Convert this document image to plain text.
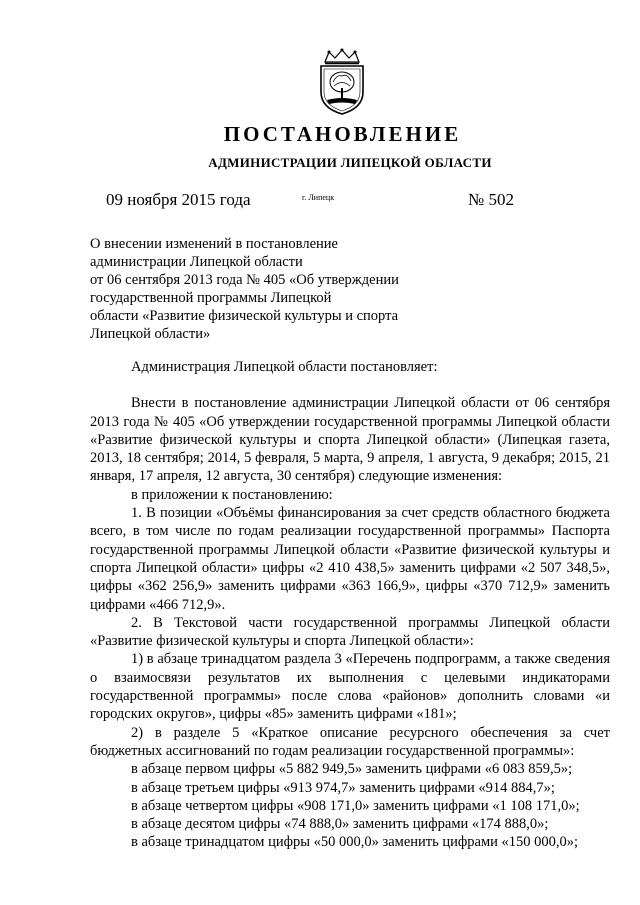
ПОСТАНОВЛЕНИЕ
АДМИНИСТРАЦИИ ЛИПЕЦКОЙ ОБЛАСТИ
09 ноября 2015 года	г. Липецк	№ 502
О внесении изменений в постановление
администрации Липецкой области
от 06 сентября 2013 года № 405 «Об утверждении
государственной программы Липецкой
области «Развитие физической культуры и спорта
Липецкой области»

Администрация Липецкой области постановляет:

Внести в постановление администрации Липецкой области от 06 сентября 2013 года № 405 «Об утверждении государственной программы Липецкой области «Развитие физической культуры и спорта Липецкой области» (Липецкая газета, 2013, 18 сентября; 2014, 5 февраля, 5 марта, 9 апреля, 1 августа, 9 декабря; 2015, 21 января, 17 апреля, 12 августа, 30 сентября) следующие изменения:

в приложении к постановлению:

1. В позиции «Объёмы финансирования за счет средств областного бюджета всего, в том числе по годам реализации государственной программы» Паспорта государственной программы Липецкой области «Развитие физической культуры и спорта Липецкой области» цифры «2 410 438,5» заменить цифрами «2 507 348,5», цифры «362 256,9» заменить цифрами «363 166,9», цифры «370 712,9» заменить цифрами «466 712,9».

2. В Текстовой части государственной программы Липецкой области «Развитие физической культуры и спорта Липецкой области»:

1) в абзаце тринадцатом раздела 3 «Перечень подпрограмм, а также сведения о взаимосвязи результатов их выполнения с целевыми индикаторами государственной программы» после слова «районов» дополнить словами «и городских округов», цифры «85» заменить цифрами «181»;

2) в разделе 5 «Краткое описание ресурсного обеспечения за счет бюджетных ассигнований по годам реализации государственной программы»:

в абзаце первом цифры «5 882 949,5» заменить цифрами «6 083 859,5»;

в абзаце третьем цифры «913 974,7» заменить цифрами «914 884,7»;

в абзаце четвертом цифры «908 171,0» заменить цифрами «1 108 171,0»;

в абзаце десятом цифры «74 888,0» заменить цифрами «174 888,0»;

в абзаце тринадцатом цифры «50 000,0» заменить цифрами «150 000,0»;
